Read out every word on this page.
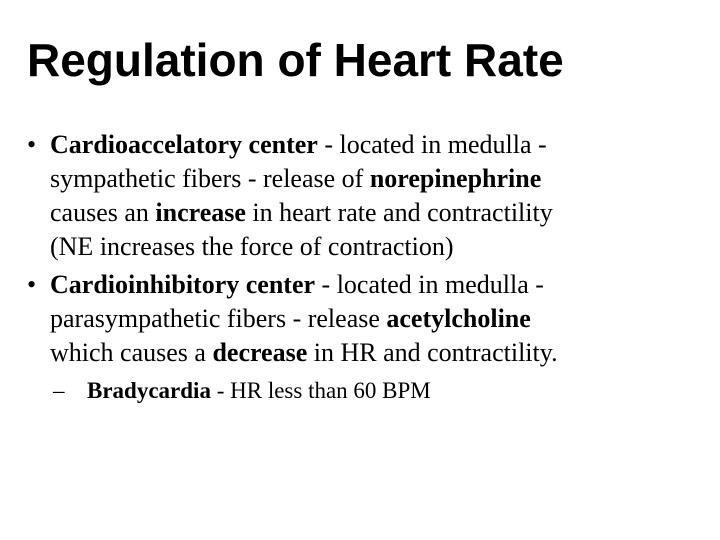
Regulation of Heart Rate
• Cardioaccelatory center - located in medulla -
sympathetic fibers - release of norepinephrine
causes an increase in heart rate and contractility
(NE increases the force of contraction)
• Cardioinhibitory center - located in medulla -
parasympathetic fibers - release acetylcholine
which causes a decrease in HR and contractility.
– Bradycardia - HR less than 60 BPM
